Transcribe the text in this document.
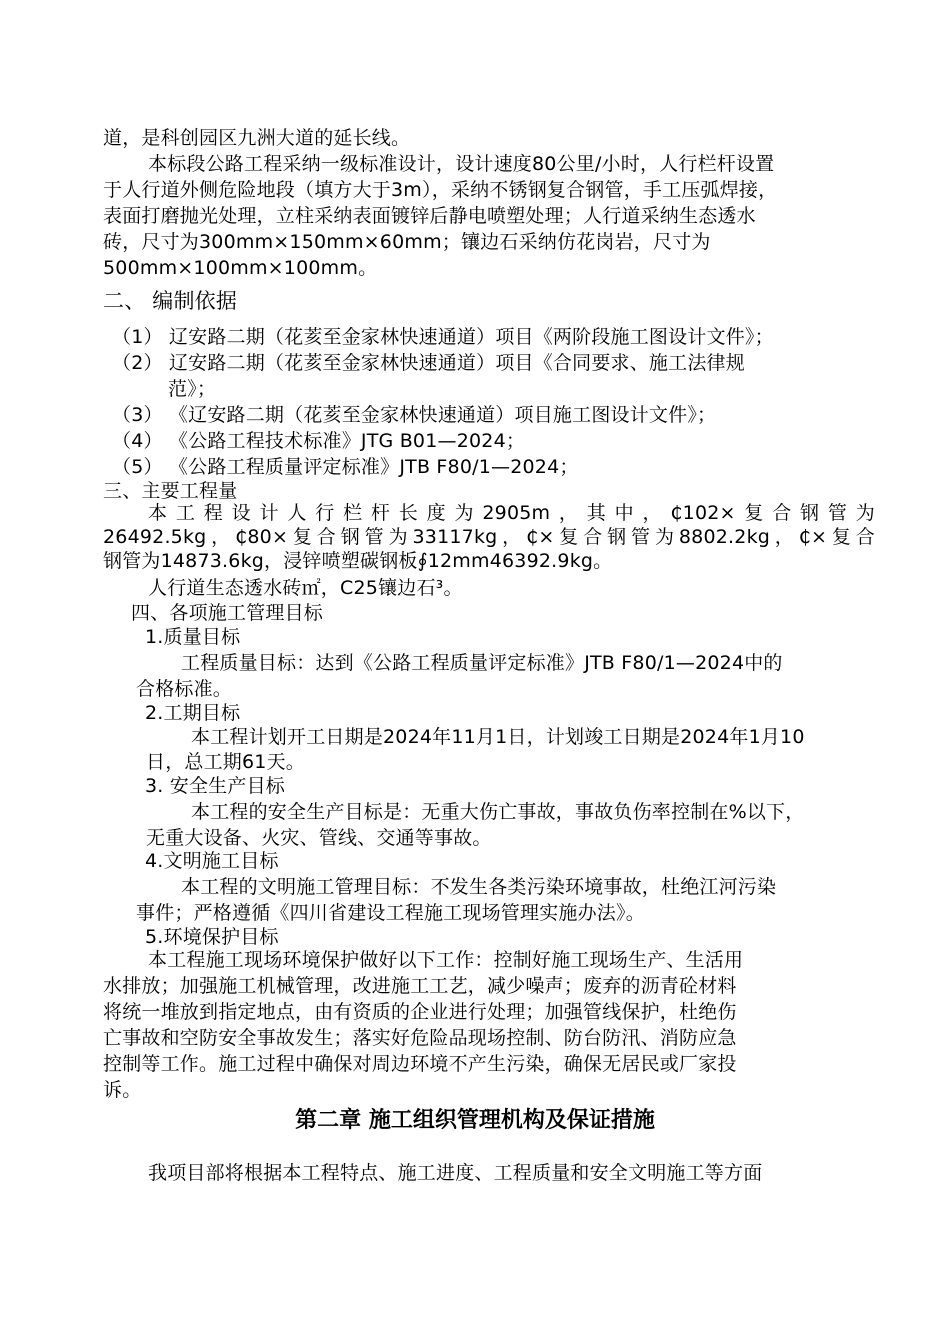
道，是科创园区九洲大道的延长线。
本标段公路工程采纳一级标准设计，设计速度80公里/小时，人行栏杆设置
于人行道外侧危险地段（填方大于3m），采纳不锈钢复合钢管，手工压弧焊接，
表面打磨抛光处理，立柱采纳表面镀锌后静电喷塑处理；人行道采纳生态透水
砖，尺寸为300mm×150mm×60mm；镶边石采纳仿花岗岩，尺寸为
500mm×100mm×100mm。
二、 编制依据
（1） 辽安路二期（花荄至金家林快速通道）项目《两阶段施工图设计文件》；
（2） 辽安路二期（花荄至金家林快速通道）项目《合同要求、施工法律规
范》；
（3） 《辽安路二期（花荄至金家林快速通道）项目施工图设计文件》；
（4） 《公路工程技术标准》JTG B01—2024；
（5） 《公路工程质量评定标准》JTB F80/1—2024；
三、主要工程量
本工程设计人行栏杆长度为2905m，其中，₵102×复合钢管为
26492.5kg，₵80×复合钢管为33117kg，₵×复合钢管为8802.2kg，₵×复合
钢管为14873.6kg，浸锌喷塑碳钢板∮12mm46392.9kg。
人行道生态透水砖㎡，C25镶边石³。
四、各项施工管理目标
1.质量目标
工程质量目标：达到《公路工程质量评定标准》JTB F80/1—2024中的
合格标准。
2.工期目标
本工程计划开工日期是2024年11月1日，计划竣工日期是2024年1月10
日，总工期61天。
3. 安全生产目标
本工程的安全生产目标是：无重大伤亡事故，事故负伤率控制在%以下，
无重大设备、火灾、管线、交通等事故。
4.文明施工目标
本工程的文明施工管理目标：不发生各类污染环境事故，杜绝江河污染
事件；严格遵循《四川省建设工程施工现场管理实施办法》。
5.环境保护目标
本工程施工现场环境保护做好以下工作：控制好施工现场生产、生活用
水排放；加强施工机械管理，改进施工工艺，减少噪声；废弃的沥青砼材料
将统一堆放到指定地点，由有资质的企业进行处理；加强管线保护，杜绝伤
亡事故和空防安全事故发生；落实好危险品现场控制、防台防汛、消防应急
控制等工作。施工过程中确保对周边环境不产生污染，确保无居民或厂家投
诉。
第二章 施工组织管理机构及保证措施
我项目部将根据本工程特点、施工进度、工程质量和安全文明施工等方面
